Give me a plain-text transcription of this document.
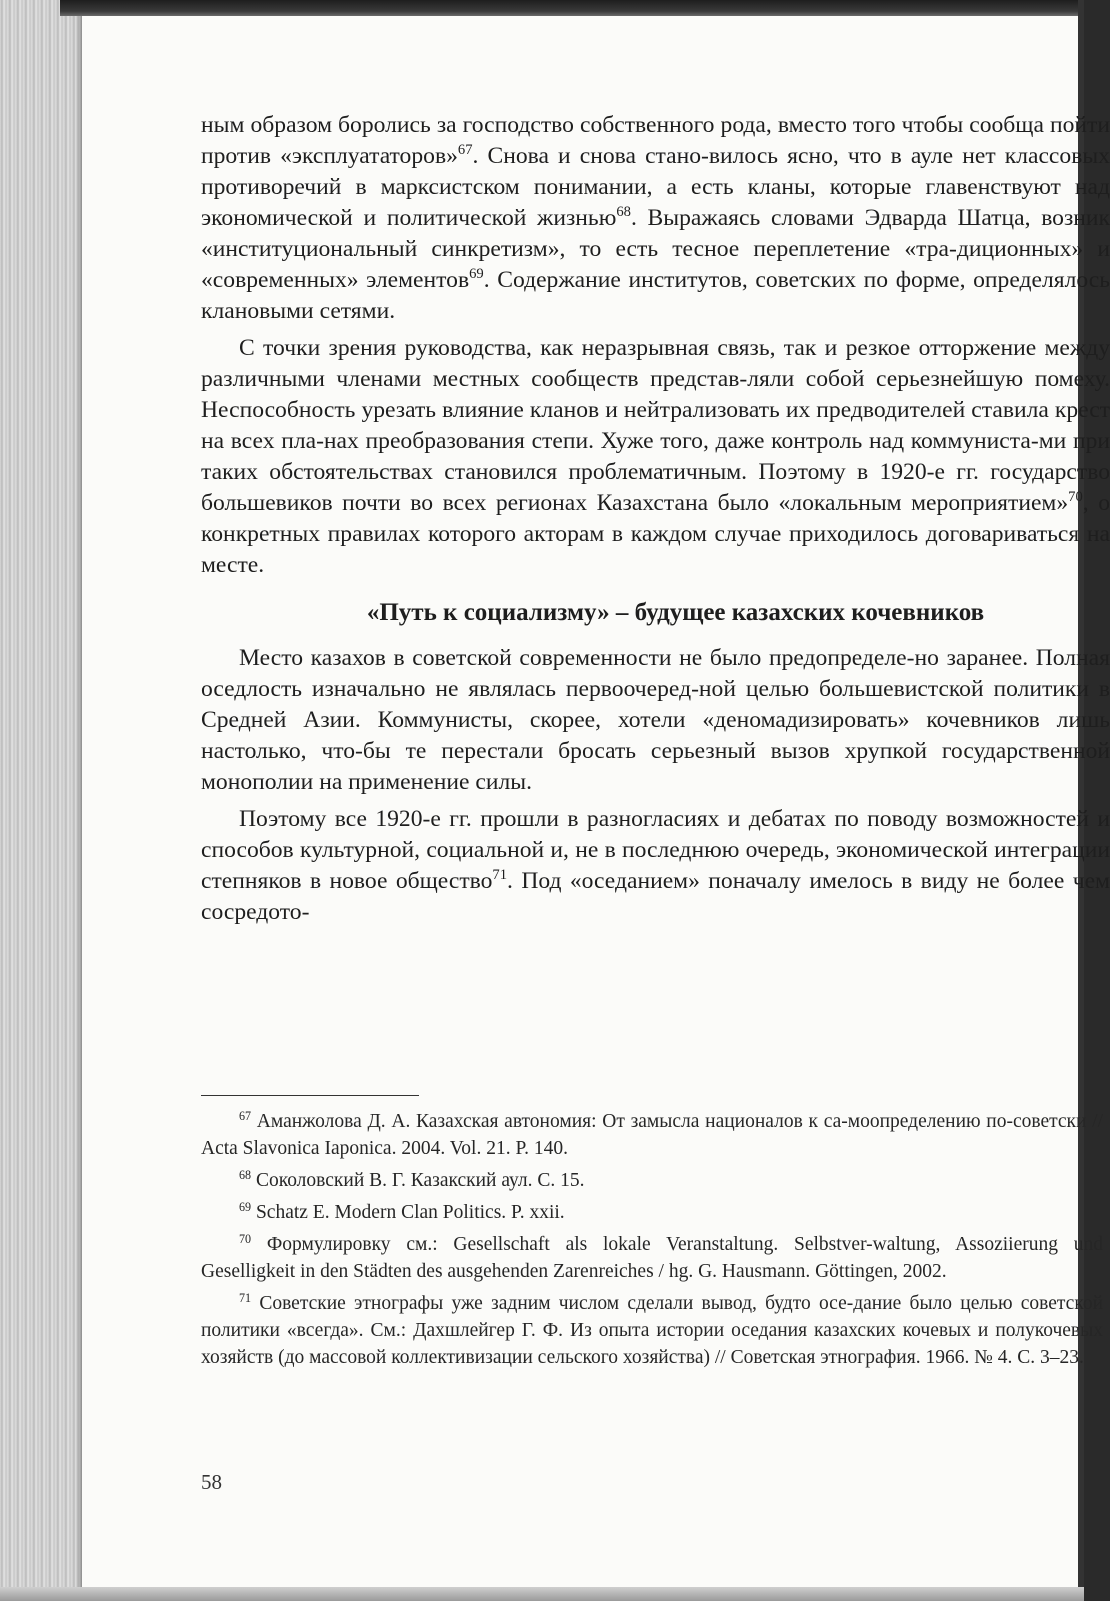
ным образом боролись за господство собственного рода, вместо того чтобы сообща пойти против «эксплуататоров»$^{67}$. Снова и снова стано-вилось ясно, что в ауле нет классовых противоречий в марксистском понимании, а есть кланы, которые главенствуют над экономической и политической жизнью$^{68}$. Выражаясь словами Эдварда Шатца, возник «институциональный синкретизм», то есть тесное переплетение «тра-диционных» и «современных» элементов$^{69}$. Содержание институтов, советских по форме, определялось клановыми сетями.

С точки зрения руководства, как неразрывная связь, так и резкое отторжение между различными членами местных сообществ представ-ляли собой серьезнейшую помеху. Неспособность урезать влияние кланов и нейтрализовать их предводителей ставила крест на всех пла-нах преобразования степи. Хуже того, даже контроль над коммуниста-ми при таких обстоятельствах становился проблематичным. Поэтому в 1920-е гг. государство большевиков почти во всех регионах Казахстана было «локальным мероприятием»$^{70}$, о конкретных правилах которого акторам в каждом случае приходилось договариваться на месте.

«Путь к социализму» – будущее казахских кочевников

Место казахов в советской современности не было предопределе-но заранее. Полная оседлость изначально не являлась первоочеред-ной целью большевистской политики в Средней Азии. Коммунисты, скорее, хотели «деномадизировать» кочевников лишь настолько, что-бы те перестали бросать серьезный вызов хрупкой государственной монополии на применение силы.

Поэтому все 1920-е гг. прошли в разногласиях и дебатах по поводу возможностей и способов культурной, социальной и, не в последнюю очередь, экономической интеграции степняков в новое общество$^{71}$. Под «оседанием» поначалу имелось в виду не более чем сосредото-

$^{67}$ Аманжолова Д. А. Казахская автономия: От замысла националов к са-моопределению по-советски // Acta Slavonica Iaponica. 2004. Vol. 21. P. 140.

$^{68}$ Соколовский В. Г. Казакский аул. С. 15.

$^{69}$ Schatz E. Modern Clan Politics. P. xxii.

$^{70}$ Формулировку см.: Gesellschaft als lokale Veranstaltung. Selbstver-waltung, Assoziierung und Geselligkeit in den Städten des ausgehenden Zarenreiches / hg. G. Hausmann. Göttingen, 2002.

$^{71}$ Советские этнографы уже задним числом сделали вывод, будто осе-дание было целью советской политики «всегда». См.: Дахшлейгер Г. Ф. Из опыта истории оседания казахских кочевых и полукочевых хозяйств (до массовой коллективизации сельского хозяйства) // Советская этнография. 1966. № 4. С. 3–23.

58
